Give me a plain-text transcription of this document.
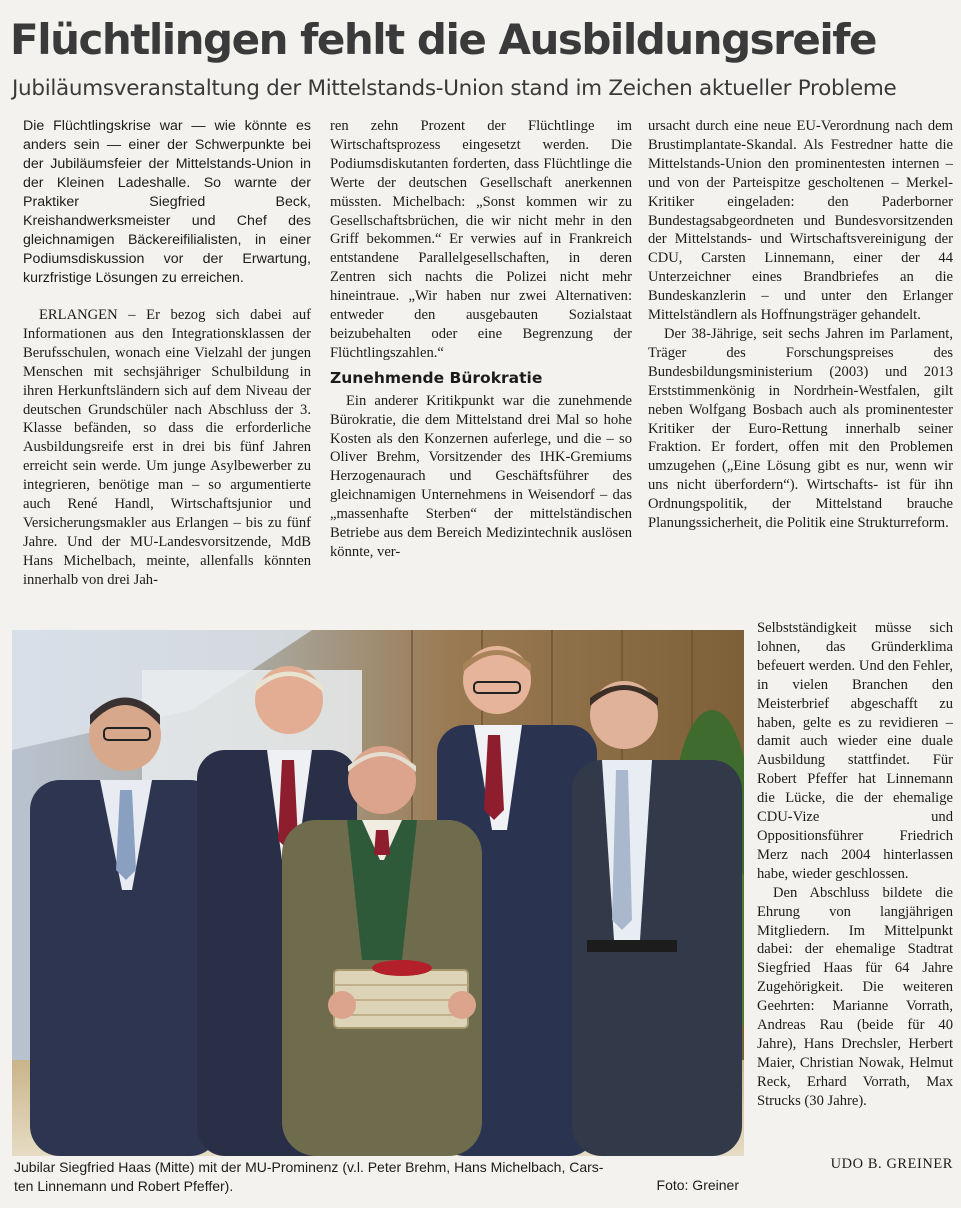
Flüchtlingen fehlt die Ausbildungsreife
Jubiläumsveranstaltung der Mittelstands-Union stand im Zeichen aktueller Probleme

Die Flüchtlingskrise war — wie könnte es anders sein — einer der Schwerpunkte bei der Jubiläumsfeier der Mittelstands-Union in der Kleinen Ladeshalle. So warnte der Praktiker Siegfried Beck, Kreishandwerksmeister und Chef des gleichnamigen Bäckereifilialisten, in einer Podiumsdiskussion vor der Erwartung, kurzfristige Lösungen zu erreichen.

ERLANGEN – Er bezog sich dabei auf Informationen aus den Integrationsklassen der Berufsschulen, wonach eine Vielzahl der jungen Menschen mit sechsjähriger Schulbildung in ihren Herkunftsländern sich auf dem Niveau der deutschen Grundschüler nach Abschluss der 3. Klasse befänden, so dass die erforderliche Ausbildungsreife erst in drei bis fünf Jahren erreicht sein werde. Um junge Asylbewerber zu integrieren, benötige man – so argumentierte auch René Handl, Wirtschaftsjunior und Versicherungsmakler aus Erlangen – bis zu fünf Jahre. Und der MU-Landesvorsitzende, MdB Hans Michelbach, meinte, allenfalls könnten innerhalb von drei Jah-

ren zehn Prozent der Flüchtlinge im Wirtschaftsprozess eingesetzt werden. Die Podiumsdiskutanten forderten, dass Flüchtlinge die Werte der deutschen Gesellschaft anerkennen müssten. Michelbach: „Sonst kommen wir zu Gesellschaftsbrüchen, die wir nicht mehr in den Griff bekommen.“ Er verwies auf in Frankreich entstandene Parallelgesellschaften, in deren Zentren sich nachts die Polizei nicht mehr hineintraue. „Wir haben nur zwei Alternativen: entweder den ausgebauten Sozialstaat beizubehalten oder eine Begrenzung der Flüchtlingszahlen.“

Zunehmende Bürokratie

Ein anderer Kritikpunkt war die zunehmende Bürokratie, die dem Mittelstand drei Mal so hohe Kosten als den Konzernen auferlege, und die – so Oliver Brehm, Vorsitzender des IHK-Gremiums Herzogenaurach und Geschäftsführer des gleichnamigen Unternehmens in Weisendorf – das „massenhafte Sterben“ der mittelständischen Betriebe aus dem Bereich Medizintechnik auslösen könnte, ver-

ursacht durch eine neue EU-Verordnung nach dem Brustimplantate-Skandal. Als Festredner hatte die Mittelstands-Union den prominentesten internen – und von der Parteispitze gescholtenen – Merkel-Kritiker eingeladen: den Paderborner Bundestagsabgeordneten und Bundesvorsitzenden der Mittelstands- und Wirtschaftsvereinigung der CDU, Carsten Linnemann, einer der 44 Unterzeichner eines Brandbriefes an die Bundeskanzlerin – und unter den Erlanger Mittelständlern als Hoffnungsträger gehandelt.

Der 38-Jährige, seit sechs Jahren im Parlament, Träger des Forschungspreises des Bundesbildungsministerium (2003) und 2013 Erststimmenkönig in Nordrhein-Westfalen, gilt neben Wolfgang Bosbach auch als prominentester Kritiker der Euro-Rettung innerhalb seiner Fraktion. Er fordert, offen mit den Problemen umzugehen („Eine Lösung gibt es nur, wenn wir uns nicht überfordern“). Wirtschafts- ist für ihn Ordnungspolitik, der Mittelstand brauche Planungssicherheit, die Politik eine Strukturreform.

Selbstständigkeit müsse sich lohnen, das Gründerklima befeuert werden. Und den Fehler, in vielen Branchen den Meisterbrief abgeschafft zu haben, gelte es zu revidieren – damit auch wieder eine duale Ausbildung stattfindet. Für Robert Pfeffer hat Linnemann die Lücke, die der ehemalige CDU-Vize und Oppositionsführer Friedrich Merz nach 2004 hinterlassen habe, wieder geschlossen.

Den Abschluss bildete die Ehrung von langjährigen Mitgliedern. Im Mittelpunkt dabei: der ehemalige Stadtrat Siegfried Haas für 64 Jahre Zugehörigkeit. Die weiteren Geehrten: Marianne Vorrath, Andreas Rau (beide für 40 Jahre), Hans Drechsler, Herbert Maier, Christian Nowak, Helmut Reck, Erhard Vorrath, Max Strucks (30 Jahre).

UDO B. GREINER
Jubilar Siegfried Haas (Mitte) mit der MU-Prominenz (v.l. Peter Brehm, Hans Michelbach, Cars-
ten Linnemann und Robert Pfeffer).	Foto: Greiner
